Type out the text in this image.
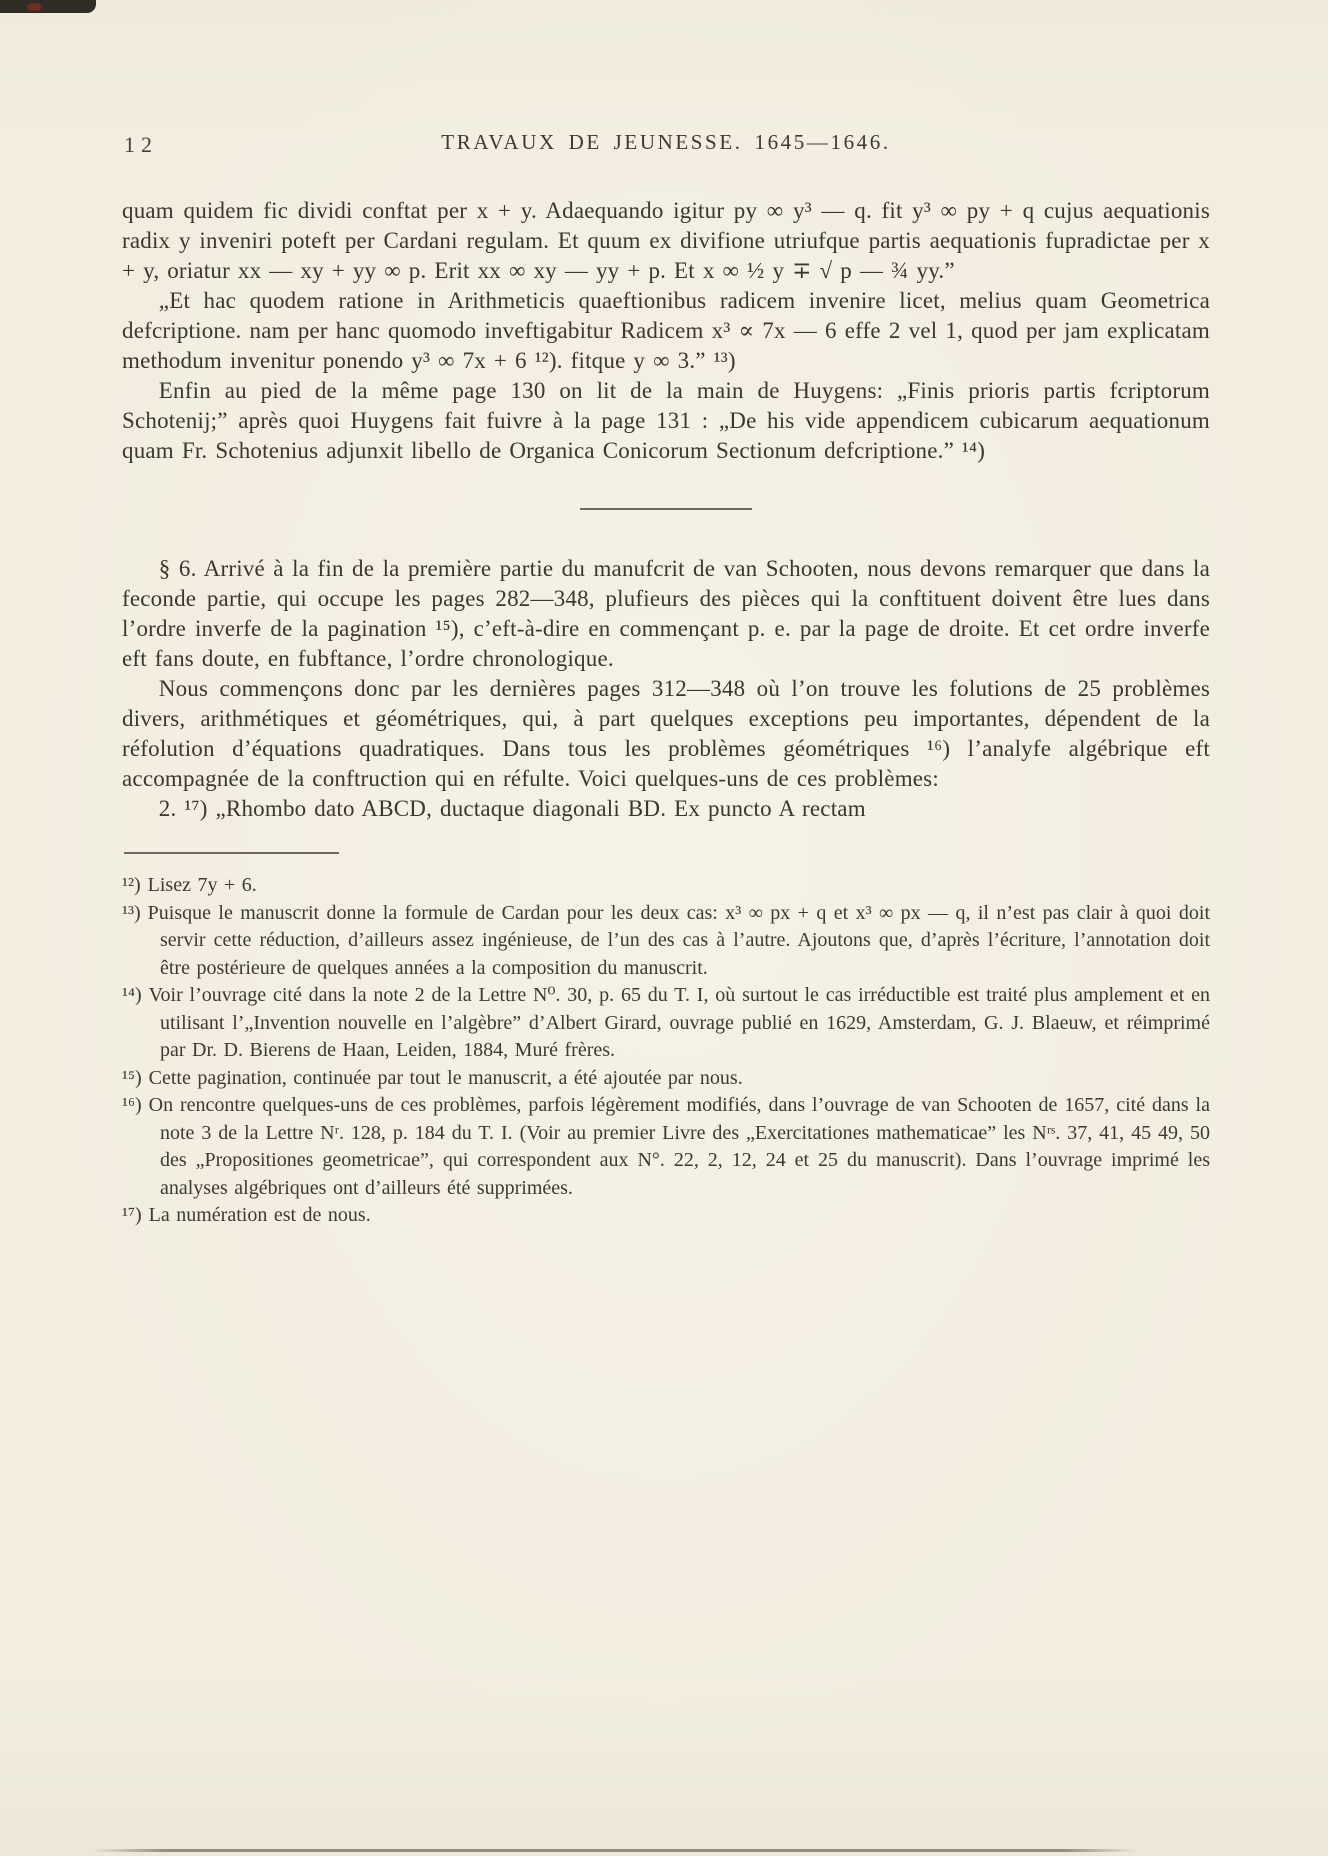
12	TRAVAUX DE JEUNESSE. 1645—1646.

quam quidem fic dividi conftat per x + y. Adaequando igitur py ∞ y³ — q. fit y³ ∞ py + q cujus aequationis radix y inveniri poteft per Cardani regulam. Et quum ex divifione utriufque partis aequationis fupradictae per x + y, oriatur xx — xy + yy ∞ p. Erit xx ∞ xy — yy + p. Et x ∞ ½ y ∓ √ p — ¾ yy.”

„Et hac quodem ratione in Arithmeticis quaeftionibus radicem invenire licet, melius quam Geometrica defcriptione. nam per hanc quomodo inveftigabitur Radicem x³ ∝ 7x — 6 effe 2 vel 1, quod per jam explicatam methodum invenitur ponendo y³ ∞ 7x + 6 ¹²). fitque y ∞ 3.” ¹³)

Enfin au pied de la même page 130 on lit de la main de Huygens: „Finis prioris partis fcriptorum Schotenij;” après quoi Huygens fait fuivre à la page 131 : „De his vide appendicem cubicarum aequationum quam Fr. Schotenius adjunxit libello de Organica Conicorum Sectionum defcriptione.” ¹⁴)

§ 6. Arrivé à la fin de la première partie du manufcrit de van Schooten, nous devons remarquer que dans la feconde partie, qui occupe les pages 282—348, plufieurs des pièces qui la conftituent doivent être lues dans l’ordre inverfe de la pagination ¹⁵), c’eft-à-dire en commençant p. e. par la page de droite. Et cet ordre inverfe eft fans doute, en fubftance, l’ordre chronologique.

Nous commençons donc par les dernières pages 312—348 où l’on trouve les folutions de 25 problèmes divers, arithmétiques et géométriques, qui, à part quelques exceptions peu importantes, dépendent de la réfolution d’équations quadratiques. Dans tous les problèmes géométriques ¹⁶) l’analyfe algébrique eft accompagnée de la conftruction qui en réfulte. Voici quelques-uns de ces problèmes:

2. ¹⁷) „Rhombo dato ABCD, ductaque diagonali BD. Ex puncto A rectam

¹²) Lisez 7y + 6.
¹³) Puisque le manuscrit donne la formule de Cardan pour les deux cas: x³ ∞ px + q et x³ ∞ px — q, il n’est pas clair à quoi doit servir cette réduction, d’ailleurs assez ingénieuse, de l’un des cas à l’autre. Ajoutons que, d’après l’écriture, l’annotation doit être postérieure de quelques années a la composition du manuscrit.
¹⁴) Voir l’ouvrage cité dans la note 2 de la Lettre N⁰. 30, p. 65 du T. I, où surtout le cas irréductible est traité plus amplement et en utilisant l’„Invention nouvelle en l’algèbre” d’Albert Girard, ouvrage publié en 1629, Amsterdam, G. J. Blaeuw, et réimprimé par Dr. D. Bierens de Haan, Leiden, 1884, Muré frères.
¹⁵) Cette pagination, continuée par tout le manuscrit, a été ajoutée par nous.
¹⁶) On rencontre quelques-uns de ces problèmes, parfois légèrement modifiés, dans l’ouvrage de van Schooten de 1657, cité dans la note 3 de la Lettre Nʳ. 128, p. 184 du T. I. (Voir au premier Livre des „Exercitationes mathematicae” les Nʳˢ. 37, 41, 45 49, 50 des „Propositiones geometricae”, qui correspondent aux N°. 22, 2, 12, 24 et 25 du manuscrit). Dans l’ouvrage imprimé les analyses algébriques ont d’ailleurs été supprimées.
¹⁷) La numération est de nous.
